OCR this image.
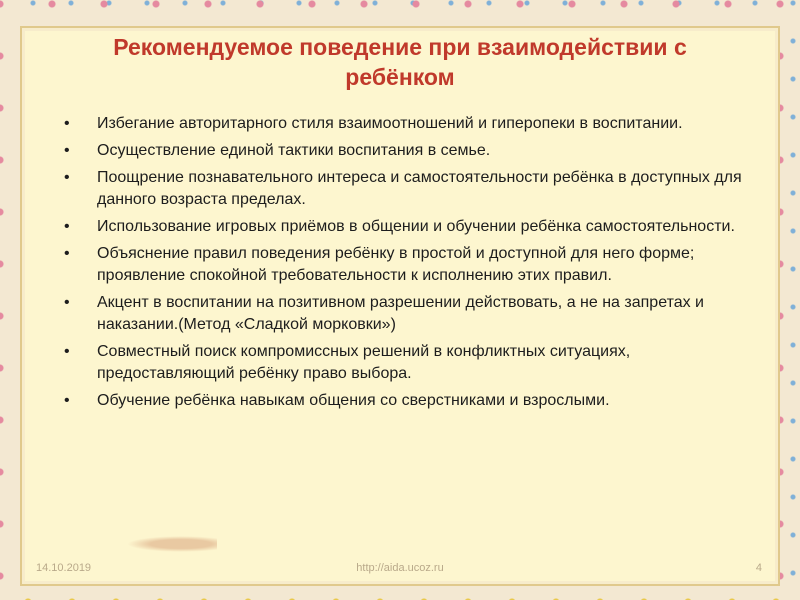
Рекомендуемое поведение при взаимодействии с ребёнком
• Избегание авторитарного стиля взаимоотношений и гиперопеки в воспитании.
• Осуществление единой тактики воспитания в семье.
• Поощрение познавательного интереса и самостоятельности ребёнка в доступных для данного возраста пределах.
• Использование игровых приёмов в общении и обучении ребёнка самостоятельности.
• Объяснение правил поведения ребёнку в простой и доступной для него форме; проявление спокойной требовательности к исполнению этих правил.
• Акцент в воспитании на позитивном разрешении действовать, а не на запретах и наказании.(Метод «Сладкой морковки»)
• Совместный поиск компромиссных решений в конфликтных ситуациях, предоставляющий ребёнку право выбора.
• Обучение ребёнка навыкам общения со сверстниками и взрослыми.
14.10.2019	http://aida.ucoz.ru	4
